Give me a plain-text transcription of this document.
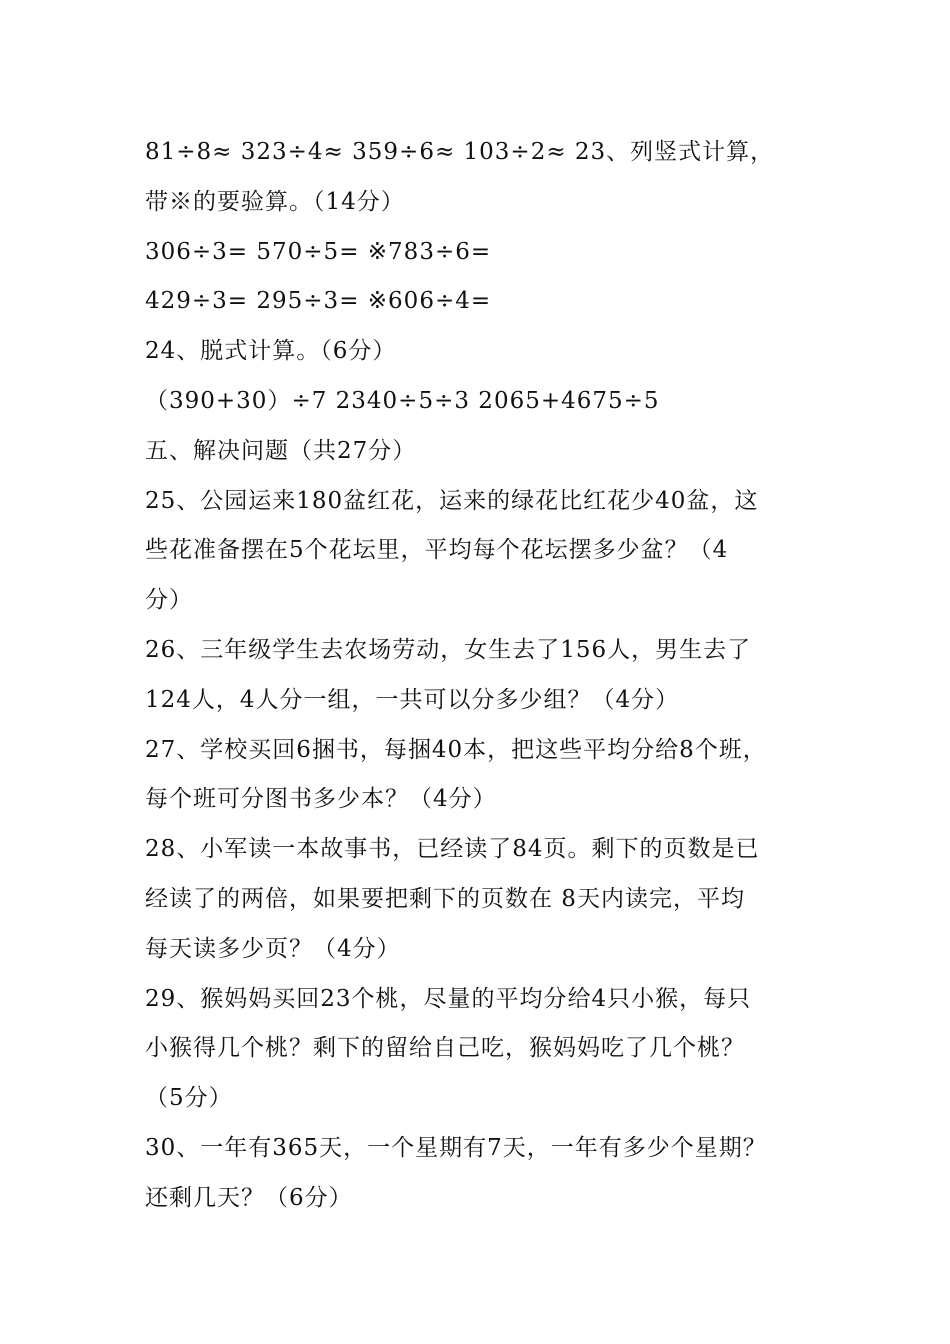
81÷8≈ 323÷4≈ 359÷6≈ 103÷2≈ 23、列竖式计算，
带※的要验算。（14分）
306÷3= 570÷5= ※783÷6=
429÷3= 295÷3= ※606÷4=
24、脱式计算。（6分）
（390+30）÷7 2340÷5÷3 2065+4675÷5
五、解决问题（共27分）
25、公园运来180盆红花，运来的绿花比红花少40盆，这
些花准备摆在5个花坛里，平均每个花坛摆多少盆？（4
分）
26、三年级学生去农场劳动，女生去了156人，男生去了
124人，4人分一组，一共可以分多少组？（4分）
27、学校买回6捆书，每捆40本，把这些平均分给8个班，
每个班可分图书多少本？（4分）
28、小军读一本故事书，已经读了84页。剩下的页数是已
经读了的两倍，如果要把剩下的页数在 8天内读完，平均
每天读多少页？（4分）
29、猴妈妈买回23个桃，尽量的平均分给4只小猴，每只
小猴得几个桃？剩下的留给自己吃，猴妈妈吃了几个桃？
（5分）
30、一年有365天，一个星期有7天，一年有多少个星期？
还剩几天？（6分）
